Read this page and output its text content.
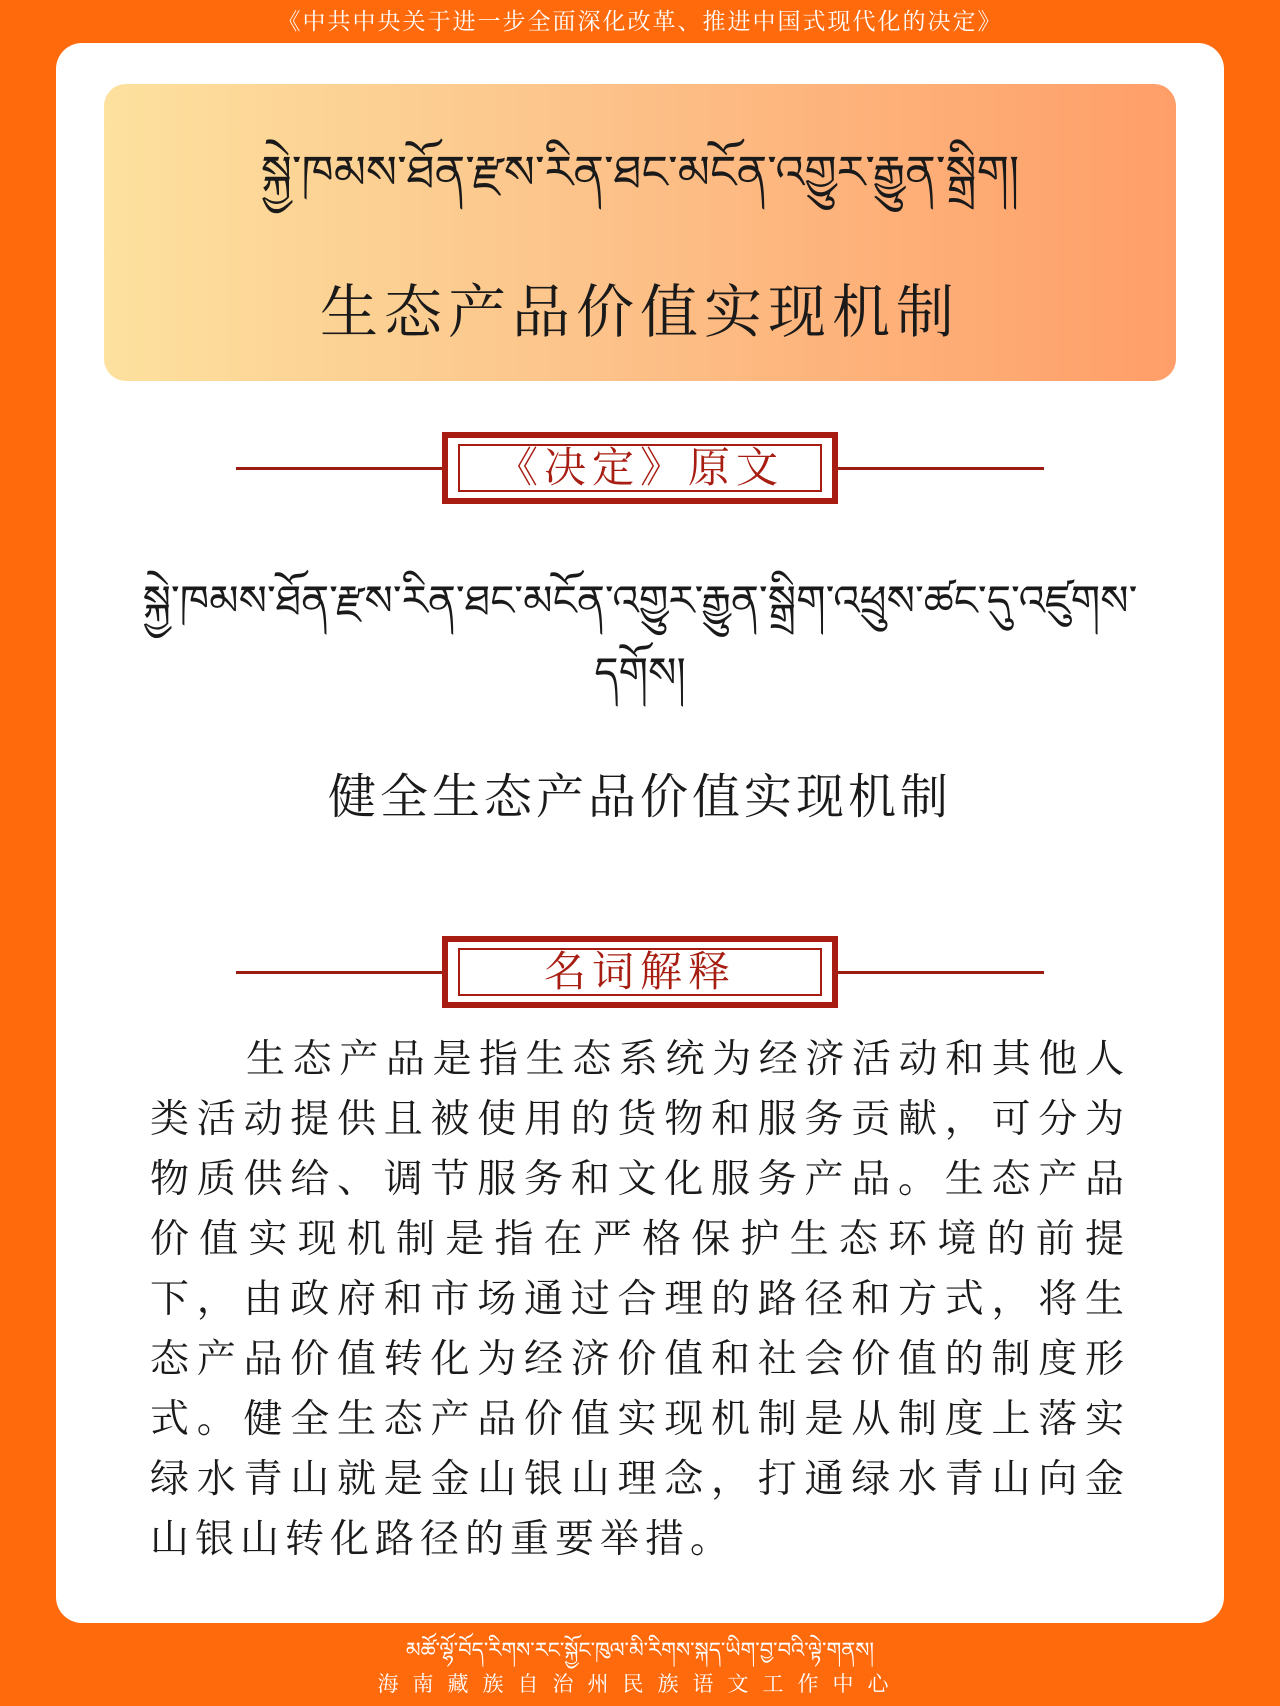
《中共中央关于进一步全面深化改革、推进中国式现代化的决定》
སྐྱེ་ཁམས་ཐོན་རྫས་རིན་ཐང་མངོན་འགྱུར་རྒྱུན་སྒྲིག།
生态产品价值实现机制
《决定》原文
སྐྱེ་ཁམས་ཐོན་རྫས་རིན་ཐང་མངོན་འགྱུར་རྒྱུན་སྒྲིག་འཕྲུས་ཚང་དུ་འཛུགས་དགོས།
健全生态产品价值实现机制
名词解释
生态产品是指生态系统为经济活动和其他人类活动提供且被使用的货物和服务贡献，可分为物质供给、调节服务和文化服务产品。生态产品价值实现机制是指在严格保护生态环境的前提下，由政府和市场通过合理的路径和方式，将生态产品价值转化为经济价值和社会价值的制度形式。健全生态产品价值实现机制是从制度上落实绿水青山就是金山银山理念，打通绿水青山向金山银山转化路径的重要举措。
མཚོ་ལྷོ་བོད་རིགས་རང་སྐྱོང་ཁུལ་མི་རིགས་སྐད་ཡིག་བྱ་བའི་ལྟེ་གནས།
海南藏族自治州民族语文工作中心
